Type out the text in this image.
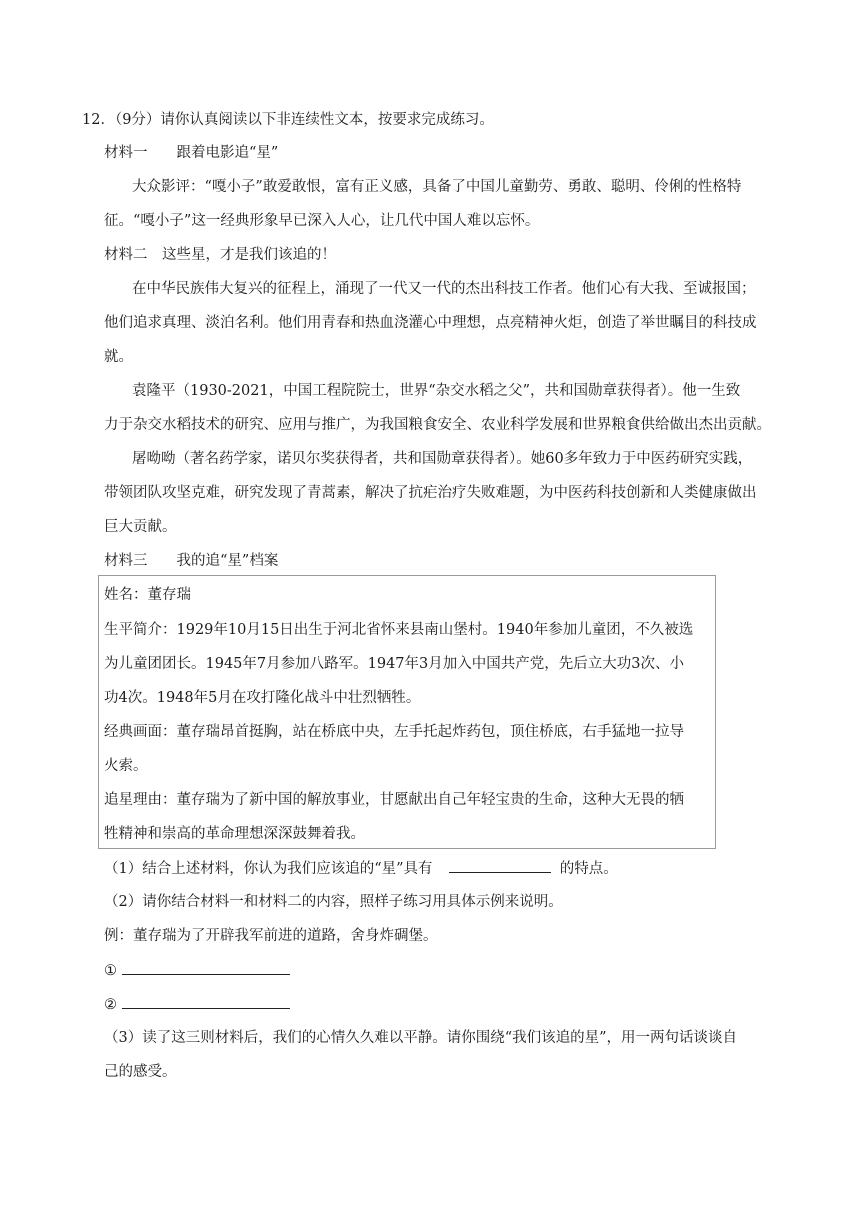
12．（9分）请你认真阅读以下非连续性文本，按要求完成练习。
材料一　　跟着电影追“星”
大众影评：“嘎小子”敢爱敢恨，富有正义感，具备了中国儿童勤劳、勇敢、聪明、伶俐的性格特
征。“嘎小子”这一经典形象早已深入人心，让几代中国人难以忘怀。
材料二　这些星，才是我们该追的！
在中华民族伟大复兴的征程上，涌现了一代又一代的杰出科技工作者。他们心有大我、至诚报国；
他们追求真理、淡泊名利。他们用青春和热血浇灌心中理想，点亮精神火炬，创造了举世瞩目的科技成
就。
袁隆平（1930-2021，中国工程院院士，世界“杂交水稻之父”，共和国勋章获得者）。他一生致
力于杂交水稻技术的研究、应用与推广，为我国粮食安全、农业科学发展和世界粮食供给做出杰出贡献。
屠呦呦（著名药学家，诺贝尔奖获得者，共和国勋章获得者）。她60多年致力于中医药研究实践，
带领团队攻坚克难，研究发现了青蒿素，解决了抗疟治疗失败难题，为中医药科技创新和人类健康做出
巨大贡献。
材料三　　我的追“星”档案
姓名：董存瑞
生平简介：1929年10月15日出生于河北省怀来县南山堡村。1940年参加儿童团，不久被选
为儿童团团长。1945年7月参加八路军。1947年3月加入中国共产党，先后立大功3次、小
功4次。1948年5月在攻打隆化战斗中壮烈牺牲。
经典画面：董存瑞昂首挺胸，站在桥底中央，左手托起炸药包，顶住桥底，右手猛地一拉导
火索。
追星理由：董存瑞为了新中国的解放事业，甘愿献出自己年轻宝贵的生命，这种大无畏的牺
牲精神和崇高的革命理想深深鼓舞着我。
（1）结合上述材料，你认为我们应该追的“星”具有	的特点。
（2）请你结合材料一和材料二的内容，照样子练习用具体示例来说明。
例：董存瑞为了开辟我军前进的道路，舍身炸碉堡。
①
②
（3）读了这三则材料后，我们的心情久久难以平静。请你围绕“我们该追的星”，用一两句话谈谈自
己的感受。
